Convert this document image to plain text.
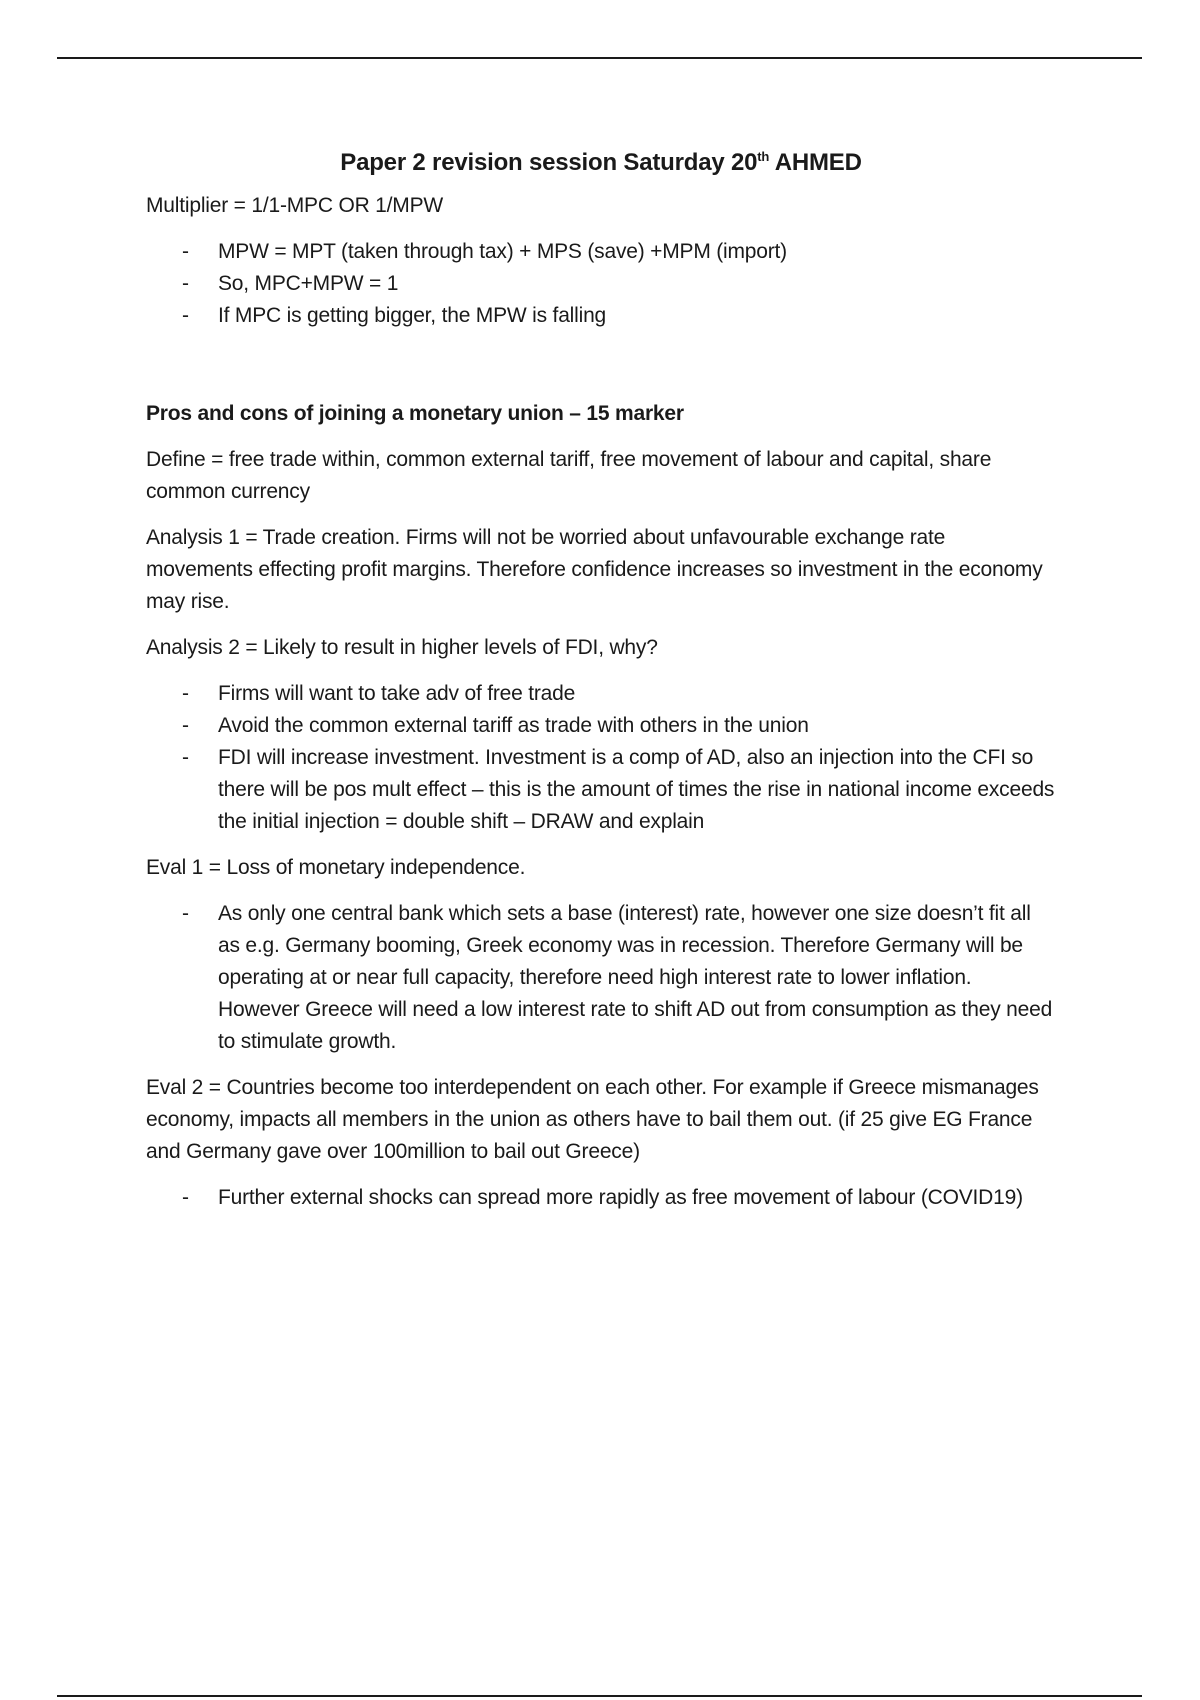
Paper 2 revision session Saturday 20th AHMED

Multiplier = 1/1-MPC OR 1/MPW

- MPW = MPT (taken through tax) + MPS (save) +MPM (import)
- So, MPC+MPW = 1
- If MPC is getting bigger, the MPW is falling

Pros and cons of joining a monetary union – 15 marker

Define = free trade within, common external tariff, free movement of labour and capital, share common currency

Analysis 1 = Trade creation. Firms will not be worried about unfavourable exchange rate movements effecting profit margins. Therefore confidence increases so investment in the economy may rise.

Analysis 2 = Likely to result in higher levels of FDI, why?

- Firms will want to take adv of free trade
- Avoid the common external tariff as trade with others in the union
- FDI will increase investment. Investment is a comp of AD, also an injection into the CFI so there will be pos mult effect – this is the amount of times the rise in national income exceeds the initial injection = double shift – DRAW and explain

Eval 1 = Loss of monetary independence.

- As only one central bank which sets a base (interest) rate, however one size doesn’t fit all as e.g. Germany booming, Greek economy was in recession. Therefore Germany will be operating at or near full capacity, therefore need high interest rate to lower inflation. However Greece will need a low interest rate to shift AD out from consumption as they need to stimulate growth.

Eval 2 = Countries become too interdependent on each other. For example if Greece mismanages economy, impacts all members in the union as others have to bail them out. (if 25 give EG France and Germany gave over 100million to bail out Greece)

- Further external shocks can spread more rapidly as free movement of labour (COVID19)
